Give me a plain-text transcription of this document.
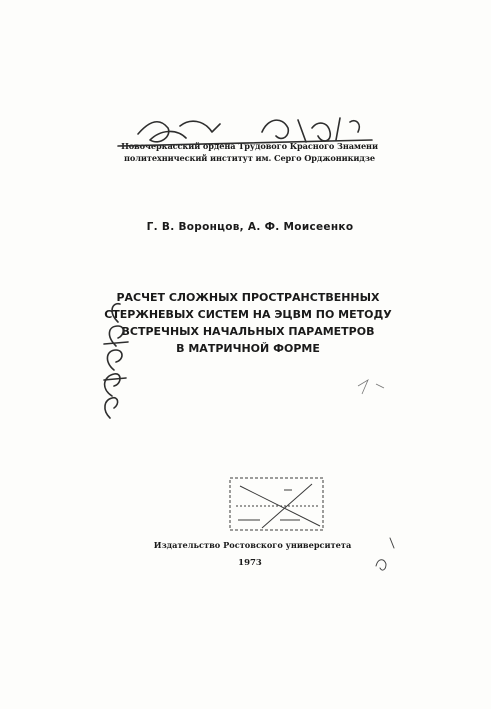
Новочеркасский ордена Трудового Красного Знамени
политехнический институт им. Серго Орджоникидзе
Г. В. Воронцов, А. Ф. Моисеенко
РАСЧЕТ СЛОЖНЫХ ПРОСТРАНСТВЕННЫХ
СТЕРЖНЕВЫХ СИСТЕМ НА ЭЦВМ ПО МЕТОДУ
ВСТРЕЧНЫХ НАЧАЛЬНЫХ ПАРАМЕТРОВ
В МАТРИЧНОЙ ФОРМЕ
Издательство Ростовского университета
1973
